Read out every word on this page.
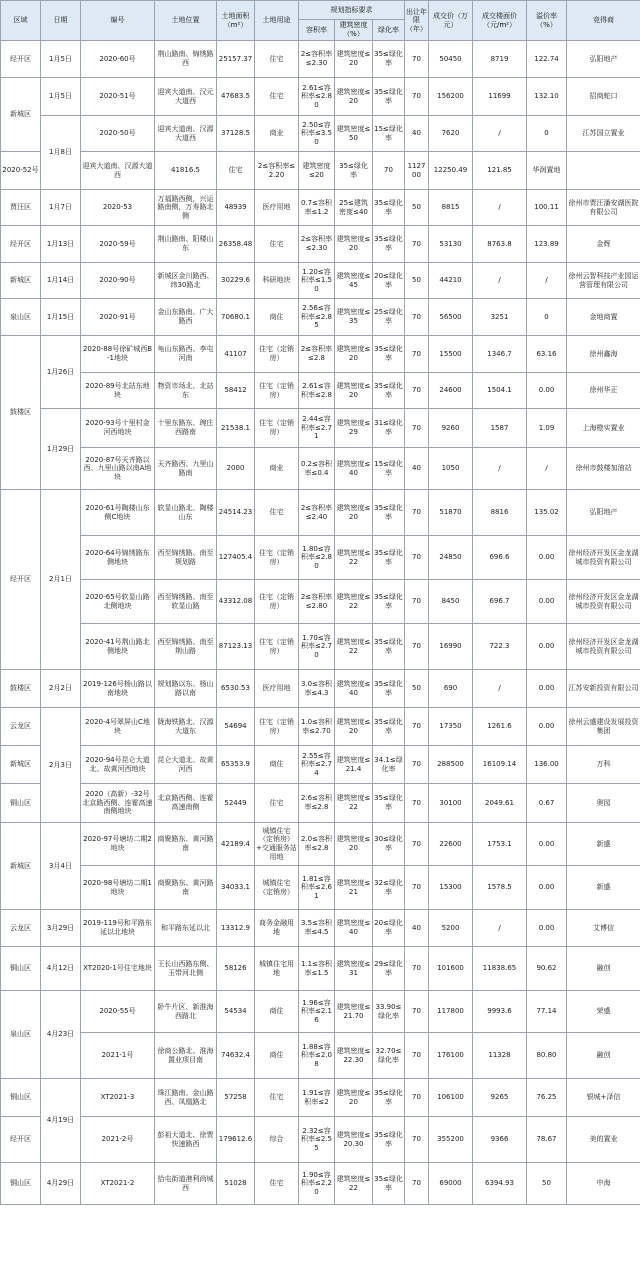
区域	日期	编号	土地位置	土地面积（m²）	土地用途	规划指标要求			出让年限（年）	成交价（万元）	成交楼面价（元/m²）	溢价率（%）	竞得商
						容积率	建筑密度（%）	绿化率					
经开区	1月5日	2020-60号	荆山路南、锦绣路西	25157.37	住宅	2≤容积率≤2.30	建筑密度≤20	35≤绿化率	70	50450	8719	122.74	弘阳地产
新城区	1月5日	2020-51号	迎宾大道南、汉元大道西	47683.5	住宅	2.61≤容积率≤2.80	建筑密度≤20	35≤绿化率	70	156200	11699	132.10	招商蛇口
	1月8日	2020-50号	迎宾大道南、汉源大道西	37128.5	商业	2.50≤容积率≤3.50	建筑密度≤50	15≤绿化率	40	7620	/	0	江苏国立置业
2020-52号		迎宾大道南、汉源大道西	41816.5	住宅	2≤容积率≤2.20	建筑密度≤20	35≤绿化率	70	112700	12250.49	121.85	华润置地	
贾汪区	1月7日	2020-53	万福路西侧，兴运路南侧，万寿路北侧	48939	医疗用地	0.7≤容积率≤1.2	25≤建筑密度≤40	35≤绿化率	50	8815	/	100.11	徐州市贾汪潘安湖医院有限公司
经开区	1月13日	2020-59号	荆山路南、阳楼山东	26358.48	住宅	2≤容积率≤2.30	建筑密度≤20	35≤绿化率	70	53130	8763.8	123.89	金辉
新城区	1月14日	2020-90号	新城区金川路西、纬30路北	30229.6	科研地块	1.20≤容积率≤1.50	建筑密度≤45	20≤绿化率	50	44210	/	/	徐州云智科技产业园运营管理有限公司
泉山区	1月15日	2020-91号	金山东路南、广大路西	70680.1	商住	2.56≤容积率≤2.85	建筑密度≤35	25≤绿化率	70	56500	3251	0	金地商置
鼓楼区	1月26日	2020-88号徐矿城西B-1地块	龟山东路西、李屯河南	41107	住宅（定销房）	2≤容积率≤2.8	建筑密度≤20	35≤绿化率	70	15500	1346.7	63.16	徐州鑫海
		2020-89号北站东地块	物资市场北、北站东	58412	住宅（定销房）	2.61≤容积率≤2.8	建筑密度≤20	35≤绿化率	70	24600	1504.1	0.00	徐州华正
	1月29日	2020-93号十里村金河西地块	十里东路东、琬庄西路南	21538.1	住宅（定销房）	2.44≤容积率≤2.71	建筑密度≤29	31≤绿化率	70	9260	1587	1.09	上海橙实置业
		2020-87号天齐路以西、九里山路以南A地块	天齐路西、九里山路南	2000	商业	0.2≤容积率≤0.4	建筑密度≤40	15≤绿化率	40	1050	/	/	徐州市鼓楼加油站
经开区	2月1日	2020-61号陶楼山东侧C地块	软显山路北、陶楼山东	24514.23	住宅	2≤容积率≤2.40	建筑密度≤20	35≤绿化率	70	51870	8816	135.02	弘阳地产
		2020-64号锦绣路东侧地块	西至锦绣路、南至规划路	127405.4	住宅（定销房）	1.80≤容积率≤2.80	建筑密度≤22	35≤绿化率	70	24850	696.6	0.00	徐州经济开发区金龙湖城市投资有限公司
		2020-65号软显山路北侧地块	西至锦绣路、南至软显山路	43312.08	住宅（定销房）	2≤容积率≤2.80	建筑密度≤22	35≤绿化率	70	8450	696.7	0.00	徐州经济开发区金龙湖城市投资有限公司
		2020-41号荆山路北侧地块	西至锦绣路、南至荆山路	87123.13	住宅（定销房）	1.70≤容积率≤2.70	建筑密度≤22	35≤绿化率	70	16990	722.3	0.00	徐州经济开发区金龙湖城市投资有限公司
鼓楼区	2月2日	2019-126号杨山路以南地块	规划路以东、杨山路以南	6530.53	医疗用地	3.0≤容积率≤4.3	建筑密度≤40	35≤绿化率	50	690	/	0.00	江苏安新投资有限公司
云龙区	2月3日	2020-4号翠屏山C地块	陇海铁路北、汉源大道东	54694	住宅（定销房）	1.0≤容积率≤2.70	建筑密度≤20	35≤绿化率	70	17350	1261.6	0.00	徐州云盛建设发展投资集团
新城区		2020-94号昆仑大道北、故黄河西地块	昆仑大道北、故黄河西	65353.9	商住	2.55≤容积率≤2.74	建筑密度≤21.4	34.1≤绿化率	70	288500	16109.14	136.00	万科
铜山区		2020（高新）-32号北京路西侧、连霍高速南侧地块	北京路西侧、连霍高速南侧	52449	住宅	2.6≤容积率≤2.8	建筑密度≤22	35≤绿化率	70	30100	2049.61	0.67	奥园
新城区	3月4日	2020-97号塘坊二期2地块	商聚路东、黄河路南	42189.4	城镇住宅（定销房）+交通服务站用地	2.0≤容积率≤2.8	建筑密度≤20	30≤绿化率	70	22600	1753.1	0.00	新盛
		2020-98号塘坊二期1地块	商聚路东、黄河路南	34033.1	城镇住宅（定销房）	1.81≤容积率≤2.61	建筑密度≤21	32≤绿化率	70	15300	1578.5	0.00	新盛
云龙区	3月29日	2019-119号和平路东延以北地块	和平路东延以北	13312.9	商务金融用地	3.5≤容积率≤4.5	建筑密度≤40	20≤绿化率	40	5200	/	0.00	艾博信
铜山区	4月12日	XT2020-1号住宅地块	王长山西路东侧、玉带河北侧	58126	城镇住宅用地	1.1≤容积率≤1.5	建筑密度≤31	29≤绿化率	70	101600	11838.65	90.62	融创
泉山区	4月23日	2020-55号	卧牛片区、新淮海西路北	54534	商住	1.96≤容积率≤2.16	建筑密度≤21.70	33.90≤绿化率	70	117800	9993.6	77.14	荣盛
		2021-1号	徐商公路北、淮海置业项目南	74632.4	商住	1.88≤容积率≤2.08	建筑密度≤22.30	32.70≤绿化率	70	176100	11328	80.80	融创
铜山区	4月19日	XT2021-3	珠江路南、金山路西、凤凰路北	57258	住宅	1.91≤容积率≤2	建筑密度≤20	35≤绿化率	70	106100	9265	76.25	银城+泽信
经开区		2021-2号	彭祖大道北、徐贾快速路西	179612.6	综合	2.32≤容积率≤2.55	建筑密度≤20.30	35≤绿化率	70	355200	9366	78.67	美的置业
铜山区	4月29日	XT2021-2	拾屯街道港利尚城西	51028	住宅	1.90≤容积率≤2.20	建筑密度≤22	35≤绿化率	70	69000	6394.93	50	中海
